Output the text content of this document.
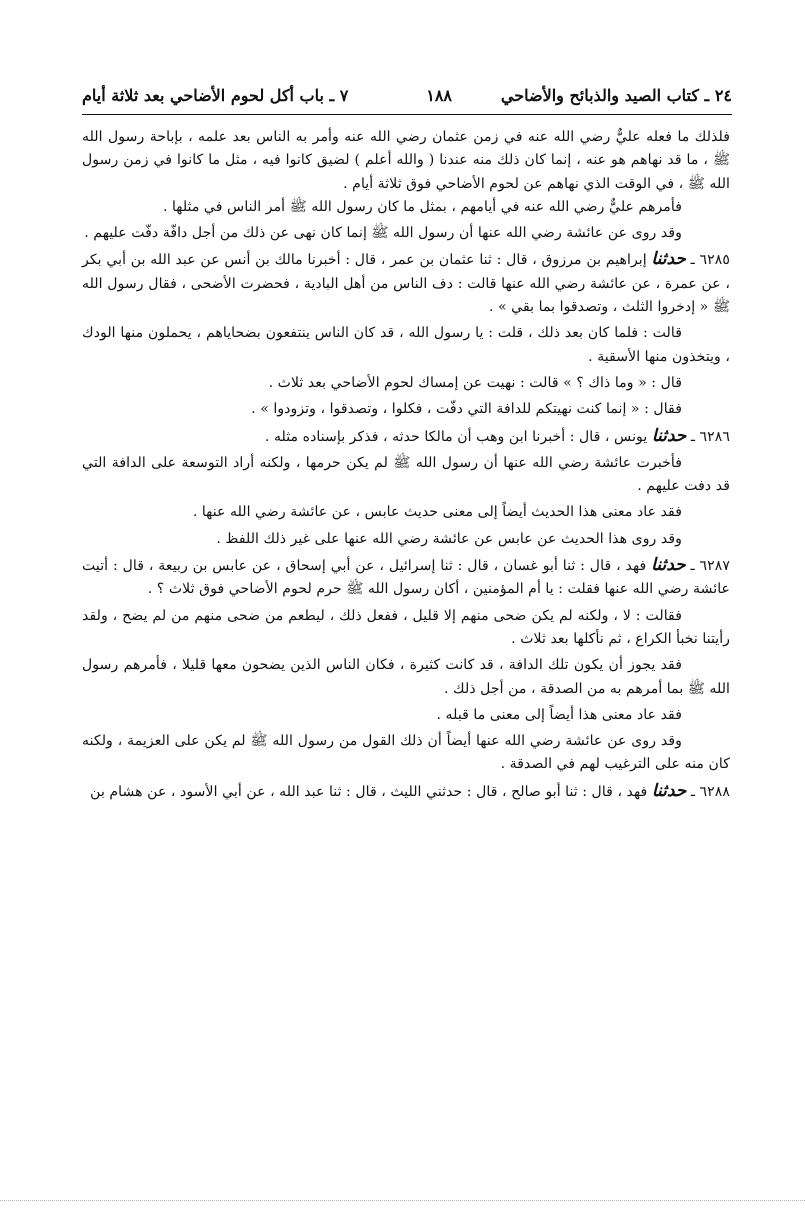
٢٤ ـ كتاب الصيد والذبائح والأضاحي
١٨٨
٧ ـ باب أكل لحوم الأضاحي بعد ثلاثة أيام

فلذلك ما فعله عليٌّ رضي الله عنه في زمن عثمان رضي الله عنه وأمر به الناس بعد علمه ، بإباحة رسول الله ﷺ ، ما قد نهاهم هو عنه ، إنما كان ذلك منه عندنا ( والله أعلم ) لضيق كانوا فيه ، مثل ما كانوا في زمن رسول الله ﷺ ، في الوقت الذي نهاهم عن لحوم الأضاحي فوق ثلاثة أيام .

فأمرهم عليٌّ رضي الله عنه في أيامهم ، بمثل ما كان رسول الله ﷺ أمر الناس في مثلها .

وقد روى عن عائشة رضي الله عنها أن رسول الله ﷺ إنما كان نهى عن ذلك من أجل دافّة دفّت عليهم .

٦٢٨٥ ـ حدثنا إبراهيم بن مرزوق ، قال : ثنا عثمان بن عمر ، قال : أخبرنا مالك بن أنس عن عبد الله بن أبي بكر ، عن عمرة ، عن عائشة رضي الله عنها قالت : دف الناس من أهل البادية ، فحضرت الأضحى ، فقال رسول الله ﷺ « إدخروا الثلث ، وتصدقوا بما بقي » .

قالت : فلما كان بعد ذلك ، قلت : يا رسول الله ، قد كان الناس ينتفعون بضحاياهم ، يحملون منها الودك ، ويتخذون منها الأسقية .

قال : « وما ذاك ؟ » قالت : نهيت عن إمساك لحوم الأضاحي بعد ثلاث .

فقال : « إنما كنت نهيتكم للدافة التي دفّت ، فكلوا ، وتصدقوا ، وتزودوا » .

٦٢٨٦ ـ حدثنا يونس ، قال : أخبرنا ابن وهب أن مالكا حدثه ، فذكر بإسناده مثله .

فأخبرت عائشة رضي الله عنها أن رسول الله ﷺ لم يكن حرمها ، ولكنه أراد التوسعة على الدافة التي قد دفت عليهم .

فقد عاد معنى هذا الحديث أيضاً إلى معنى حديث عابس ، عن عائشة رضي الله عنها .

وقد روى هذا الحديث عن عابس عن عائشة رضي الله عنها على غير ذلك اللفظ .

٦٢٨٧ ـ حدثنا فهد ، قال : ثنا أبو غسان ، قال : ثنا إسرائيل ، عن أبي إسحاق ، عن عابس بن ربيعة ، قال : أتيت عائشة رضي الله عنها فقلت : يا أم المؤمنين ، أكان رسول الله ﷺ حرم لحوم الأضاحي فوق ثلاث ؟ .

فقالت : لا ، ولكنه لم يكن ضحى منهم إلا قليل ، ففعل ذلك ، ليطعم من ضحى منهم من لم يضح ، ولقد رأيتنا نخبأ الكراع ، ثم نأكلها بعد ثلاث .

فقد يجوز أن يكون تلك الدافة ، قد كانت كثيرة ، فكان الناس الذين يضحون معها قليلا ، فأمرهم رسول الله ﷺ بما أمرهم به من الصدقة ، من أجل ذلك .

فقد عاد معنى هذا أيضاً إلى معنى ما قبله .

وقد روى عن عائشة رضي الله عنها أيضاً أن ذلك القول من رسول الله ﷺ لم يكن على العزيمة ، ولكنه كان منه على الترغيب لهم في الصدقة .

٦٢٨٨ ـ حدثنا فهد ، قال : ثنا أبو صالح ، قال : حدثني الليث ، قال : ثنا عبد الله ، عن أبي الأسود ، عن هشام بن
